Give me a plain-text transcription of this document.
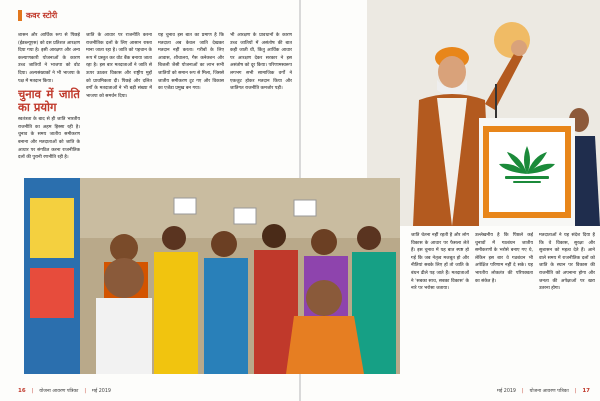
कवर स्टोरी

शासन और आर्थिक रूप से पिछड़े (ईडब्ल्यूएस) को दस प्रतिशत आरक्षण दिया गया है। इसी आरक्षण और अन्य कल्याणकारी योजनाओं के कारण उच्च जातियों ने भाजपा को वोट दिया। अल्पसंख्यकों ने भी भाजपा के पक्ष में मतदान किया।

चुनाव में जाति का प्रयोग

स्वतंत्रता के बाद से ही जाति भारतीय राजनीति का अहम हिस्सा रही है। चुनाव के समय जातीय समीकरण बनाना और मतदाताओं को जाति के आधार पर संगठित करना राजनीतिक दलों की पुरानी रणनीति रही है।

जाति के आधार पर राजनीति करना राजनीतिक दलों के लिए आसान रास्ता माना जाता रहा है। जाति को पहचान के रूप में प्रस्तुत कर वोट बैंक बनाया जाता रहा है। इस बार मतदाताओं ने जाति से ऊपर उठकर विकास और राष्ट्रीय मुद्दों को प्राथमिकता दी। पिछड़े और दलित वर्गों के मतदाताओं ने भी बड़ी संख्या में भाजपा को समर्थन दिया।

यह चुनाव इस बात का प्रमाण है कि मतदाता अब केवल जाति देखकर मतदान नहीं करता। गरीबों के लिए आवास, शौचालय, गैस कनेक्शन और बिजली जैसी योजनाओं का लाभ सभी जातियों को समान रूप से मिला, जिससे जातीय समीकरण टूट गए और विकास का एजेंडा प्रमुख बन गया।

भी आरक्षण के प्रावधानों के कारण उच्च जातियों में असंतोष की बात कही जाती थी, किंतु आर्थिक आधार पर आरक्षण देकर सरकार ने इस असंतोष को दूर किया। परिणामस्वरूप लगभग सभी सामाजिक वर्गों ने एकजुट होकर मतदान किया और जातिगत राजनीति कमजोर पड़ी।

16 | योजना आवरण पत्रिका | मई 2019

जाति चेतना नहीं रहती है और लोग विकास के आधार पर फैसला लेते हैं। इस चुनाव में यह बात स्पष्ट हो गई कि जब नेतृत्व मजबूत हो और नीतियां सबके लिए हों तो जाति के बंधन ढीले पड़ जाते हैं। मतदाताओं ने 'सबका साथ, सबका विकास' के नारे पर भरोसा जताया।

उल्लेखनीय है कि पिछले कई चुनावों में गठबंधन जातीय समीकरणों के भरोसे बनाए गए थे, लेकिन इस बार वे गठबंधन भी अपेक्षित परिणाम नहीं दे सके। यह भारतीय लोकतंत्र की परिपक्वता का संकेत है।

मतदाताओं ने यह संदेश दिया है कि वे विकास, सुरक्षा और सुशासन को महत्व देते हैं। आने वाले समय में राजनीतिक दलों को जाति के स्थान पर विकास की राजनीति को अपनाना होगा और जनता की अपेक्षाओं पर खरा उतरना होगा।

मई 2019 | योजना आवरण पत्रिका | 17
